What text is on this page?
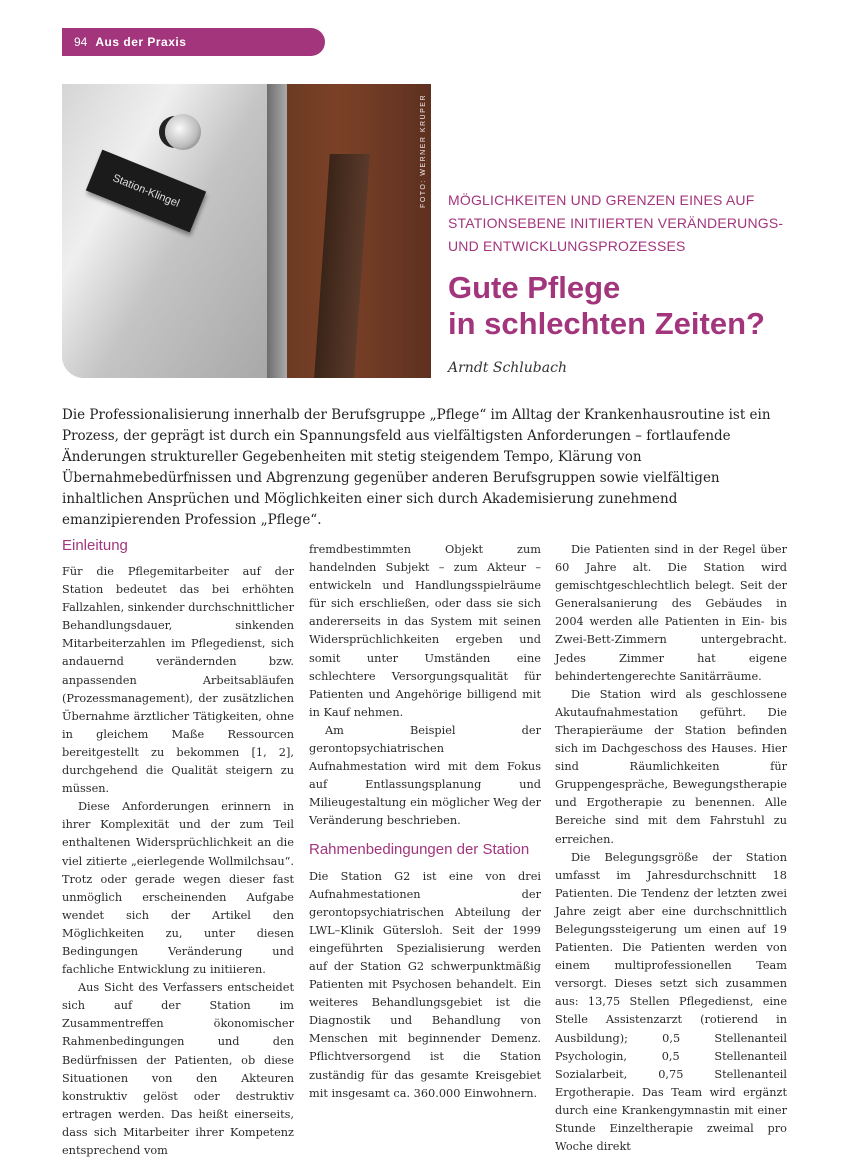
94 Aus der Praxis
Station-Klingel	FOTO: WERNER KRÜPER MÖGLICHKEITEN UND GRENZEN EINES AUF STATIONSEBENE INITIIERTEN VERÄNDERUNGS- UND ENTWICKLUNGSPROZESSES
Gute Pflege
in schlechten Zeiten?
Arndt Schlubach
Die Professionalisierung innerhalb der Berufsgruppe „Pflege“ im Alltag der Krankenhausroutine ist ein Prozess, der geprägt ist durch ein Spannungsfeld aus vielfältigsten Anforderungen – fortlaufende Änderungen struktureller Gegebenheiten mit stetig steigendem Tempo, Klärung von Übernahmebedürfnissen und Abgrenzung gegenüber anderen Berufsgruppen sowie vielfältigen inhaltlichen Ansprüchen und Möglichkeiten einer sich durch Akademisierung zunehmend emanzipierenden Profession „Pflege“.
Einleitung

Für die Pflegemitarbeiter auf der Station bedeutet das bei erhöhten Fallzahlen, sinkender durchschnittlicher Behandlungsdauer, sinkenden Mitarbeiterzahlen im Pflegedienst, sich andauernd verändernden bzw. anpassenden Arbeitsabläufen (Prozessmanagement), der zusätzlichen Übernahme ärztlicher Tätigkeiten, ohne in gleichem Maße Ressourcen bereitgestellt zu bekommen [1, 2], durchgehend die Qualität steigern zu müssen.

Diese Anforderungen erinnern in ihrer Komplexität und der zum Teil enthaltenen Widersprüchlichkeit an die viel zitierte „eierlegende Wollmilchsau“. Trotz oder gerade wegen dieser fast unmöglich erscheinenden Aufgabe wendet sich der Artikel den Möglichkeiten zu, unter diesen Bedingungen Veränderung und fachliche Entwicklung zu initiieren.

Aus Sicht des Verfassers entscheidet sich auf der Station im Zusammentreffen ökonomischer Rahmenbedingungen und den Bedürfnissen der Patienten, ob diese Situationen von den Akteuren konstruktiv gelöst oder destruktiv ertragen werden. Das heißt einerseits, dass sich Mitarbeiter ihrer Kompetenz entsprechend vom

fremdbestimmten Objekt zum handelnden Subjekt – zum Akteur – entwickeln und Handlungsspielräume für sich erschließen, oder dass sie sich andererseits in das System mit seinen Widersprüchlichkeiten ergeben und somit unter Umständen eine schlechtere Versorgungsqualität für Patienten und Angehörige billigend mit in Kauf nehmen.

Am Beispiel der gerontopsychiatrischen Aufnahmestation wird mit dem Fokus auf Entlassungsplanung und Milieugestaltung ein möglicher Weg der Veränderung beschrieben.

Rahmenbedingungen der Station

Die Station G2 ist eine von drei Aufnahmestationen der gerontopsychiatrischen Abteilung der LWL–Klinik Gütersloh. Seit der 1999 eingeführten Spezialisierung werden auf der Station G2 schwerpunktmäßig Patienten mit Psychosen behandelt. Ein weiteres Behandlungsgebiet ist die Diagnostik und Behandlung von Menschen mit beginnender Demenz. Pflichtversorgend ist die Station zuständig für das gesamte Kreisgebiet mit insgesamt ca. 360.000 Einwohnern.

Die Patienten sind in der Regel über 60 Jahre alt. Die Station wird gemischtgeschlechtlich belegt. Seit der Generalsanierung des Gebäudes in 2004 werden alle Patienten in Ein- bis Zwei-Bett-Zimmern untergebracht. Jedes Zimmer hat eigene behindertengerechte Sanitärräume.

Die Station wird als geschlossene Akutaufnahmestation geführt. Die Therapieräume der Station befinden sich im Dachgeschoss des Hauses. Hier sind Räumlichkeiten für Gruppengespräche, Bewegungstherapie und Ergotherapie zu benennen. Alle Bereiche sind mit dem Fahrstuhl zu erreichen.

Die Belegungsgröße der Station umfasst im Jahresdurchschnitt 18 Patienten. Die Tendenz der letzten zwei Jahre zeigt aber eine durchschnittlich Belegungssteigerung um einen auf 19 Patienten. Die Patienten werden von einem multiprofessionellen Team versorgt. Dieses setzt sich zusammen aus: 13,75 Stellen Pflegedienst, eine Stelle Assistenzarzt (rotierend in Ausbildung); 0,5 Stellenanteil Psychologin, 0,5 Stellenanteil Sozialarbeit, 0,75 Stellenanteil Ergotherapie. Das Team wird ergänzt durch eine Krankengymnastin mit einer Stunde Einzeltherapie zweimal pro Woche direkt
